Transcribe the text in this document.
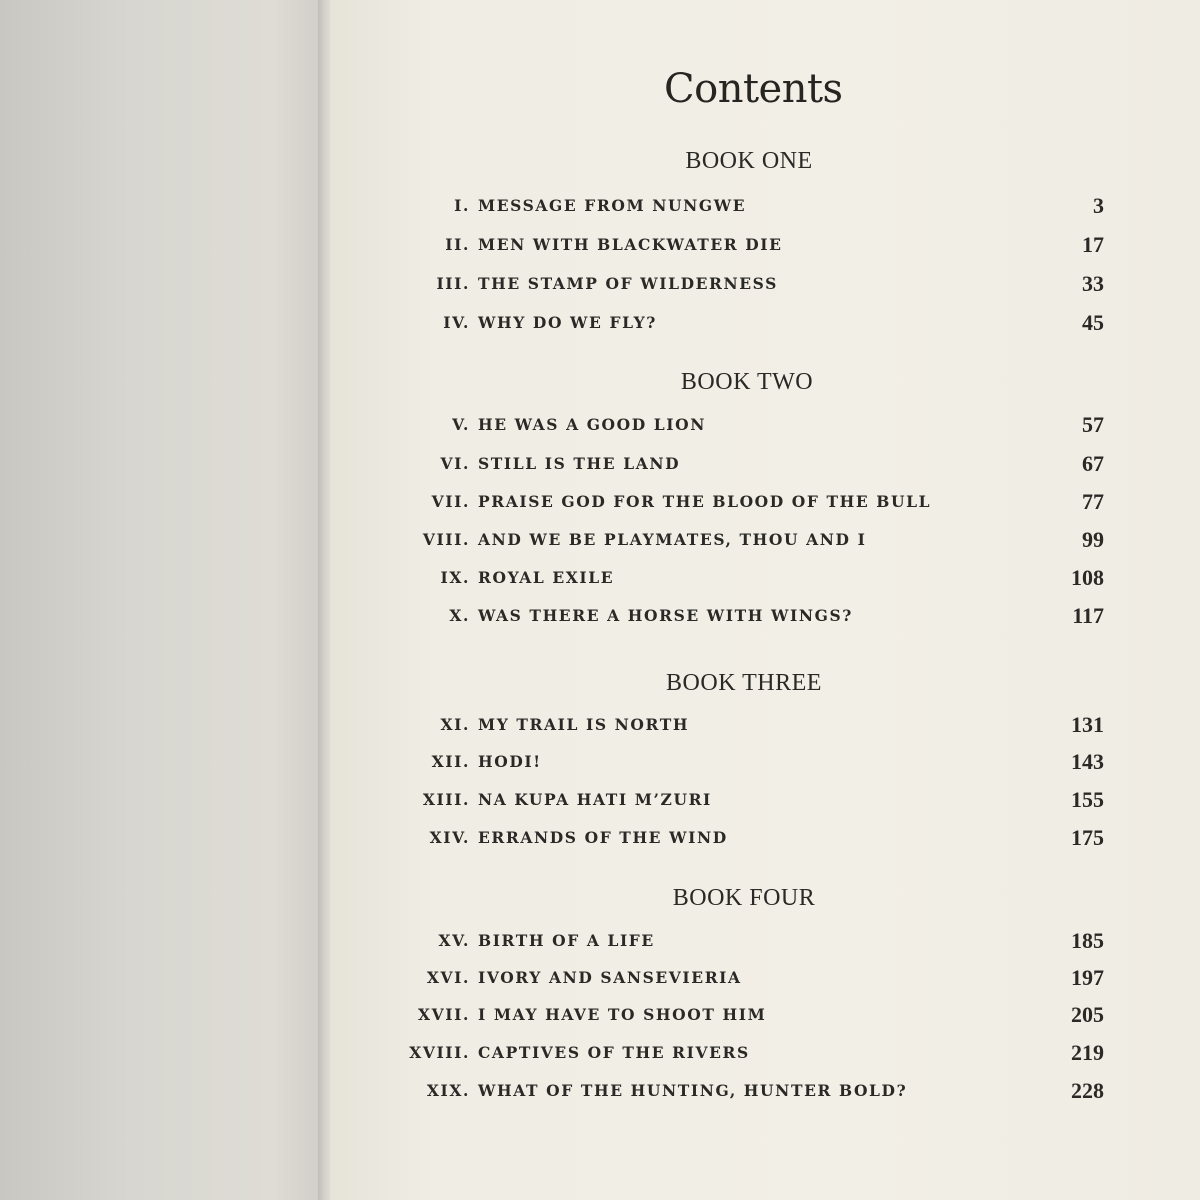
Contents
BOOK ONE
I. MESSAGE FROM NUNGWE	3
II. MEN WITH BLACKWATER DIE	17
III. THE STAMP OF WILDERNESS	33
IV. WHY DO WE FLY?	45
BOOK TWO
V. HE WAS A GOOD LION	57
VI. STILL IS THE LAND	67
VII. PRAISE GOD FOR THE BLOOD OF THE BULL	77
VIII. AND WE BE PLAYMATES, THOU AND I	99
IX. ROYAL EXILE	108
X. WAS THERE A HORSE WITH WINGS?	117
BOOK THREE
XI. MY TRAIL IS NORTH	131
XII. HODI!	143
XIII. NA KUPA HATI M’ZURI	155
XIV. ERRANDS OF THE WIND	175
BOOK FOUR
XV. BIRTH OF A LIFE	185
XVI. IVORY AND SANSEVIERIA	197
XVII. I MAY HAVE TO SHOOT HIM	205
XVIII. CAPTIVES OF THE RIVERS	219
XIX. WHAT OF THE HUNTING, HUNTER BOLD?	228
